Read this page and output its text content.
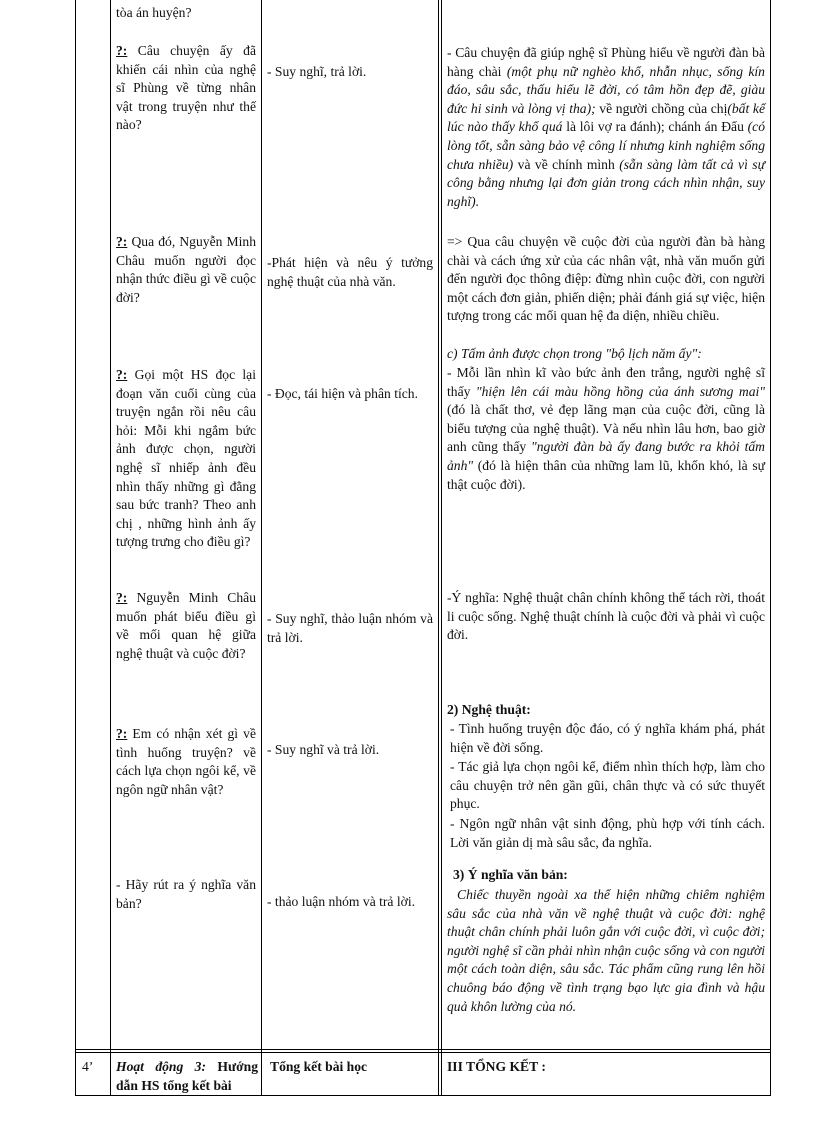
tòa án huyện?
?: Câu chuyện ấy đã khiến cái nhìn của nghệ sĩ Phùng về từng nhân vật trong truyện như thế nào?
?: Qua đó, Nguyễn Minh Châu muốn người đọc nhận thức điều gì về cuộc đời?
?: Gọi một HS đọc lại đoạn văn cuối cùng của truyện ngắn rồi nêu câu hỏi: Mỗi khi ngắm bức ảnh được chọn, người nghệ sĩ nhiếp ảnh đều nhìn thấy những gì đằng sau bức tranh? Theo anh chị , những hình ảnh ấy tượng trưng cho điều gì?
?: Nguyễn Minh Châu muốn phát biểu điều gì về mối quan hệ giữa nghệ thuật và cuộc đời?
?: Em có nhận xét gì về tình huống truyện? về cách lựa chọn ngôi kể, về ngôn ngữ nhân vật?
- Hãy rút ra ý nghĩa văn bản?
- Suy nghĩ, trả lời.
-Phát hiện và nêu ý tưởng nghệ thuật của nhà văn.
- Đọc, tái hiện và phân tích.
- Suy nghĩ, thảo luận nhóm và trả lời.
- Suy nghĩ và trả lời.
- thảo luận nhóm và trả lời.
- Câu chuyện đã giúp nghệ sĩ Phùng hiểu về người đàn bà hàng chài (một phụ nữ nghèo khổ, nhẫn nhục, sống kín đáo, sâu sắc, thấu hiểu lẽ đời, có tâm hồn đẹp đẽ, giàu đức hi sinh và lòng vị tha); về người chồng của chị(bất kể lúc nào thấy khổ quá là lôi vợ ra đánh); chánh án Đẩu (có lòng tốt, sẵn sàng bảo vệ công lí nhưng kinh nghiệm sống chưa nhiều) và về chính mình (sẵn sàng làm tất cả vì sự công bằng nhưng lại đơn giản trong cách nhìn nhận, suy nghĩ).
=> Qua câu chuyện về cuộc đời của người đàn bà hàng chài và cách ứng xử của các nhân vật, nhà văn muốn gửi đến người đọc thông điệp: đừng nhìn cuộc đời, con người một cách đơn giản, phiến diện; phải đánh giá sự việc, hiện tượng trong các mối quan hệ đa diện, nhiều chiều.
c) Tấm ảnh được chọn trong "bộ lịch năm ấy":
- Mỗi lần nhìn kĩ vào bức ảnh đen trắng, người nghệ sĩ thấy "hiện lên cái màu hồng hồng của ánh sương mai" (đó là chất thơ, vẻ đẹp lãng mạn của cuộc đời, cũng là biểu tượng của nghệ thuật). Và nếu nhìn lâu hơn, bao giờ anh cũng thấy "người đàn bà ấy đang bước ra khỏi tấm ảnh" (đó là hiện thân của những lam lũ, khốn khó, là sự thật cuộc đời).
-Ý nghĩa: Nghệ thuật chân chính không thể tách rời, thoát li cuộc sống. Nghệ thuật chính là cuộc đời và phải vì cuộc đời.
2) Nghệ thuật:
- Tình huống truyện độc đáo, có ý nghĩa khám phá, phát hiện về đời sống.
- Tác giả lựa chọn ngôi kể, điểm nhìn thích hợp, làm cho câu chuyện trở nên gần gũi, chân thực và có sức thuyết phục.
- Ngôn ngữ nhân vật sinh động, phù hợp với tính cách. Lời văn giản dị mà sâu sắc, đa nghĩa.
3) Ý nghĩa văn bản:
Chiếc thuyền ngoài xa thể hiện những chiêm nghiệm sâu sắc của nhà văn về nghệ thuật và cuộc đời: nghệ thuật chân chính phải luôn gắn với cuộc đời, vì cuộc đời; người nghệ sĩ cần phải nhìn nhận cuộc sống và con người một cách toàn diện, sâu sắc. Tác phẩm cũng rung lên hồi chuông báo động về tình trạng bạo lực gia đình và hậu quả khôn lường của nó.
4’	Hoạt động 3: Hướng dẫn HS tổng kết bài
Tổng kết bài học	III TỔNG KẾT :
